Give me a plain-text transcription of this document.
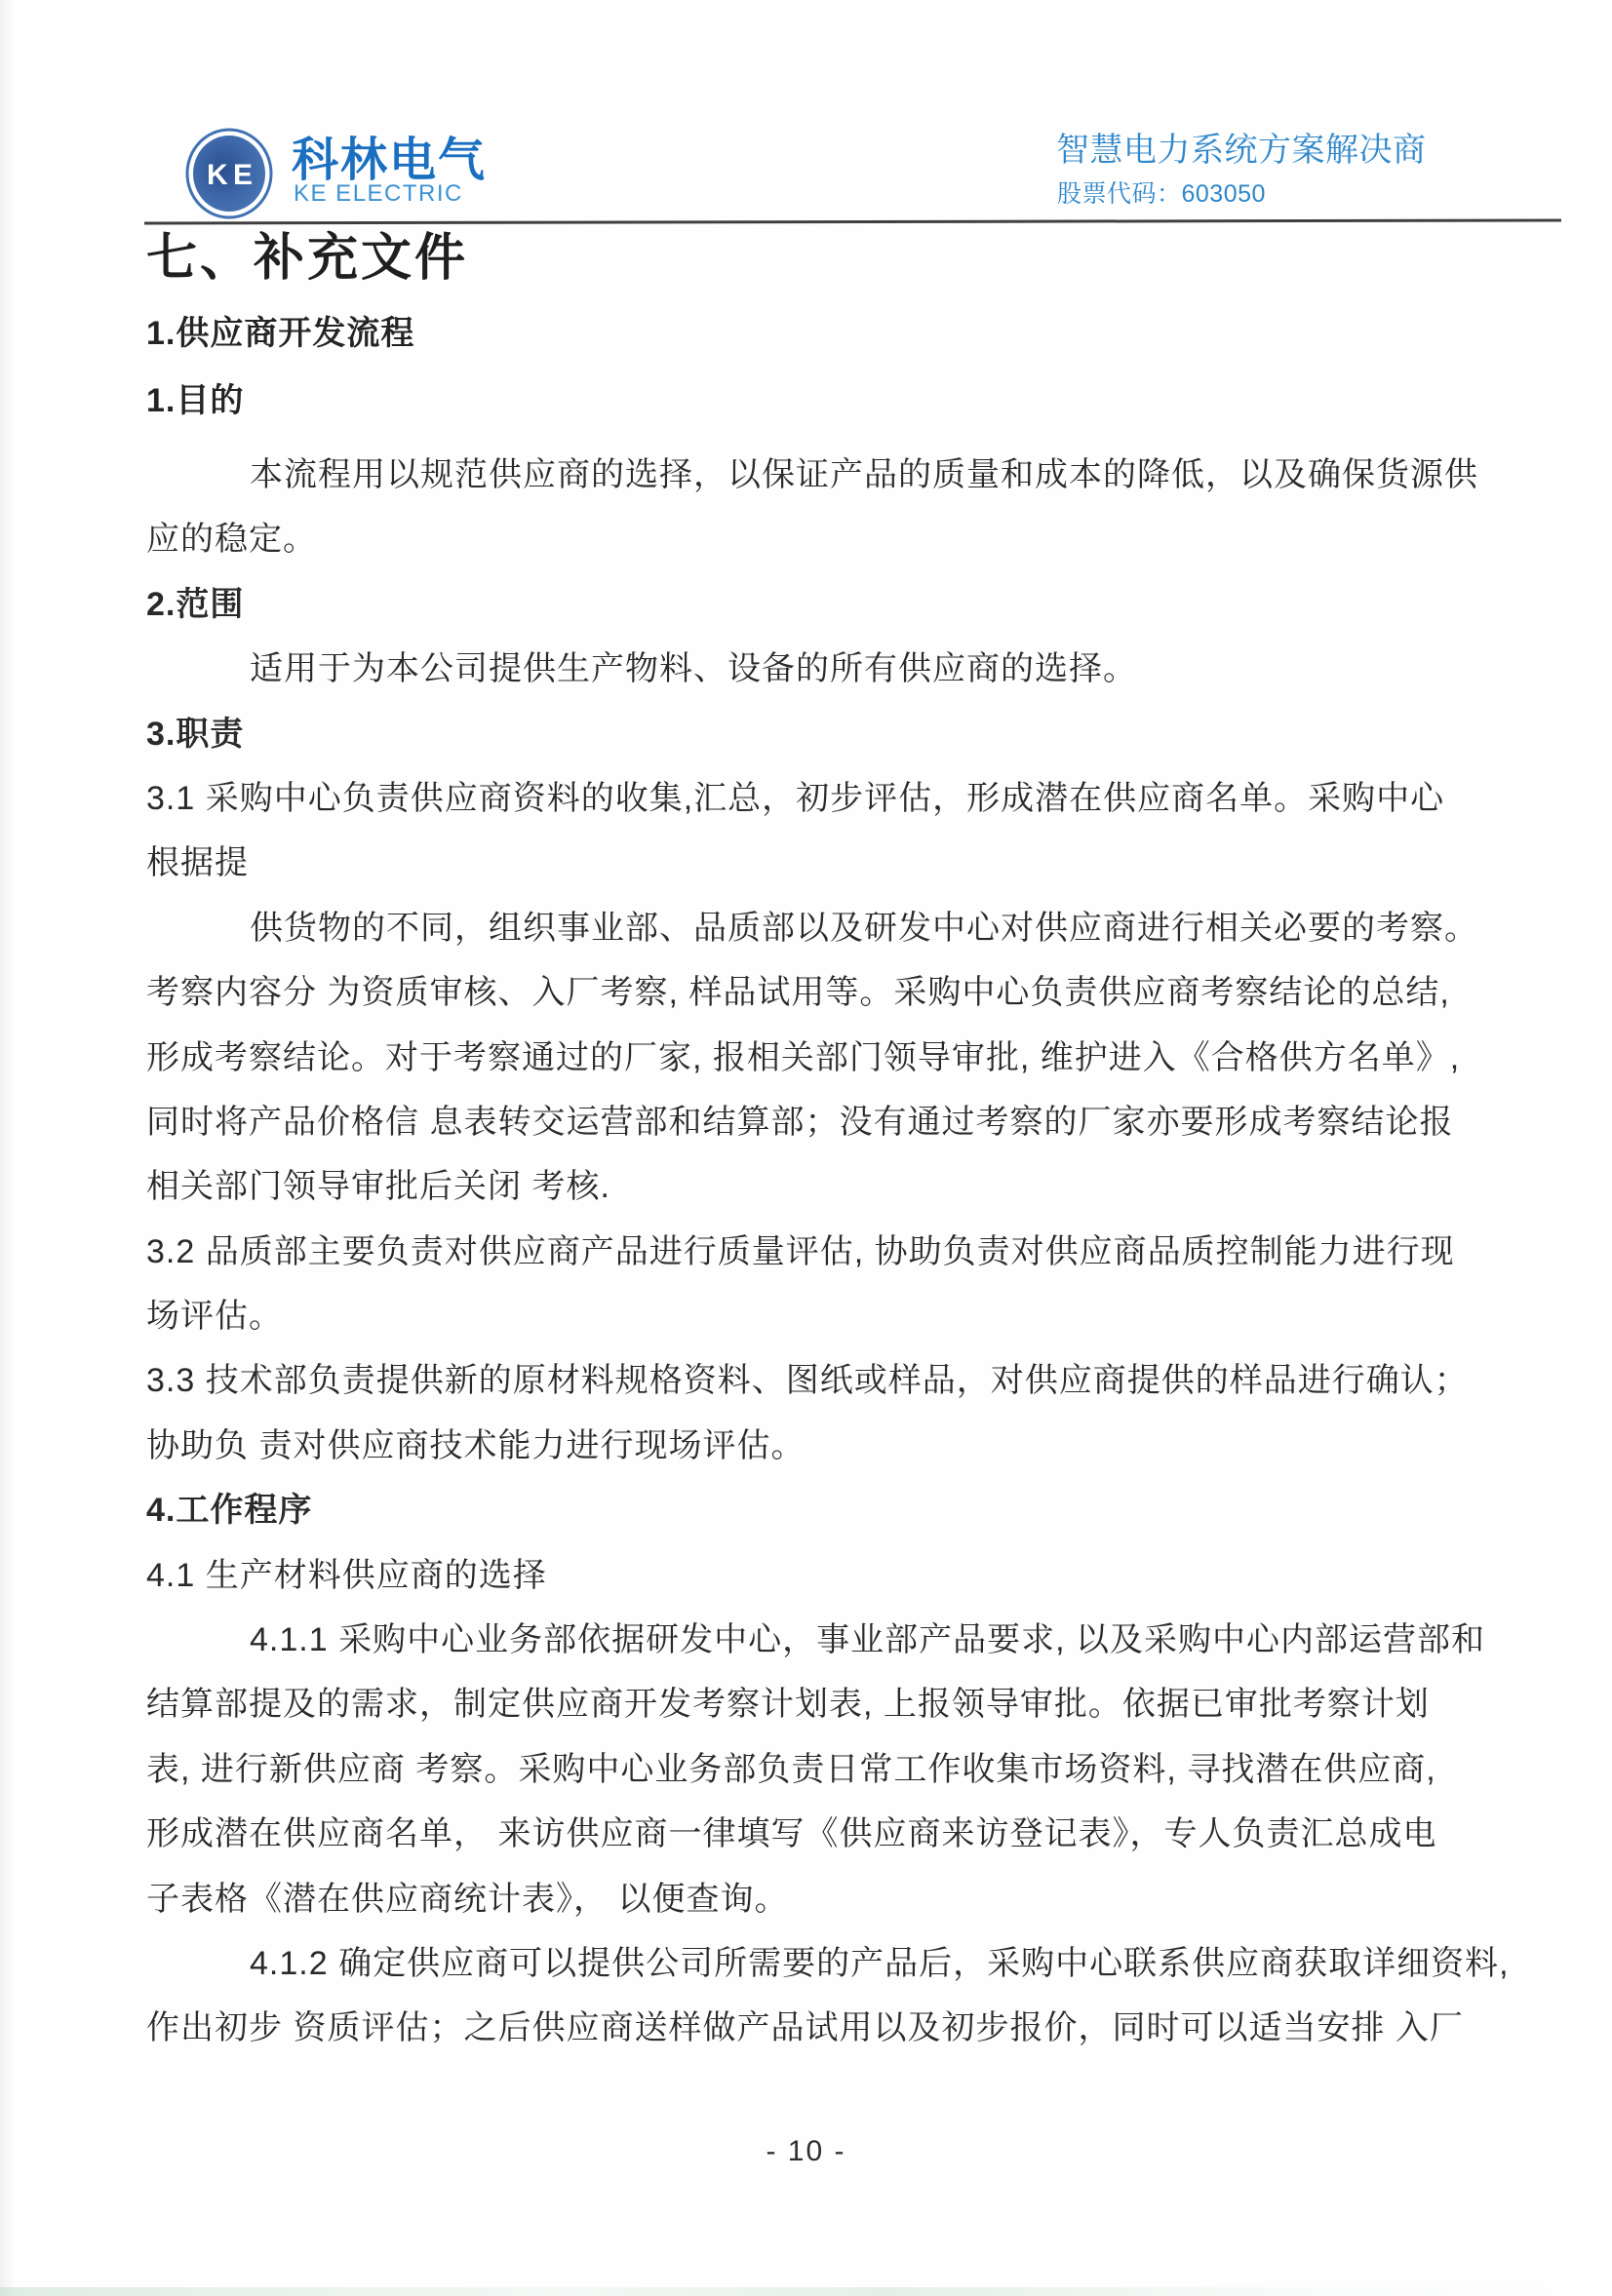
KE 科林电气
KE ELECTRIC
智慧电力系统方案解决商
股票代码：603050
七、补充文件
1.供应商开发流程
1.目的
本流程用以规范供应商的选择，以保证产品的质量和成本的降低，以及确保货源供
应的稳定。
2.范围
适用于为本公司提供生产物料、设备的所有供应商的选择。
3.职责
3.1 采购中心负责供应商资料的收集,汇总，初步评估，形成潜在供应商名单。采购中心
根据提
供货物的不同，组织事业部、品质部以及研发中心对供应商进行相关必要的考察。
考察内容分 为资质审核、入厂考察, 样品试用等。采购中心负责供应商考察结论的总结,
形成考察结论。对于考察通过的厂家, 报相关部门领导审批, 维护进入《合格供方名单》,
同时将产品价格信 息表转交运营部和结算部；没有通过考察的厂家亦要形成考察结论报
相关部门领导审批后关闭 考核.
3.2 品质部主要负责对供应商产品进行质量评估, 协助负责对供应商品质控制能力进行现
场评估。
3.3 技术部负责提供新的原材料规格资料、图纸或样品，对供应商提供的样品进行确认；
协助负 责对供应商技术能力进行现场评估。
4.工作程序
4.1 生产材料供应商的选择
4.1.1 采购中心业务部依据研发中心，事业部产品要求, 以及采购中心内部运营部和
结算部提及的需求，制定供应商开发考察计划表, 上报领导审批。依据已审批考察计划
表, 进行新供应商 考察。采购中心业务部负责日常工作收集市场资料, 寻找潜在供应商,
形成潜在供应商名单， 来访供应商一律填写《供应商来访登记表》，专人负责汇总成电
子表格《潜在供应商统计表》， 以便查询。
4.1.2 确定供应商可以提供公司所需要的产品后，采购中心联系供应商获取详细资料,
作出初步 资质评估；之后供应商送样做产品试用以及初步报价，同时可以适当安排 入厂
- 10 -
